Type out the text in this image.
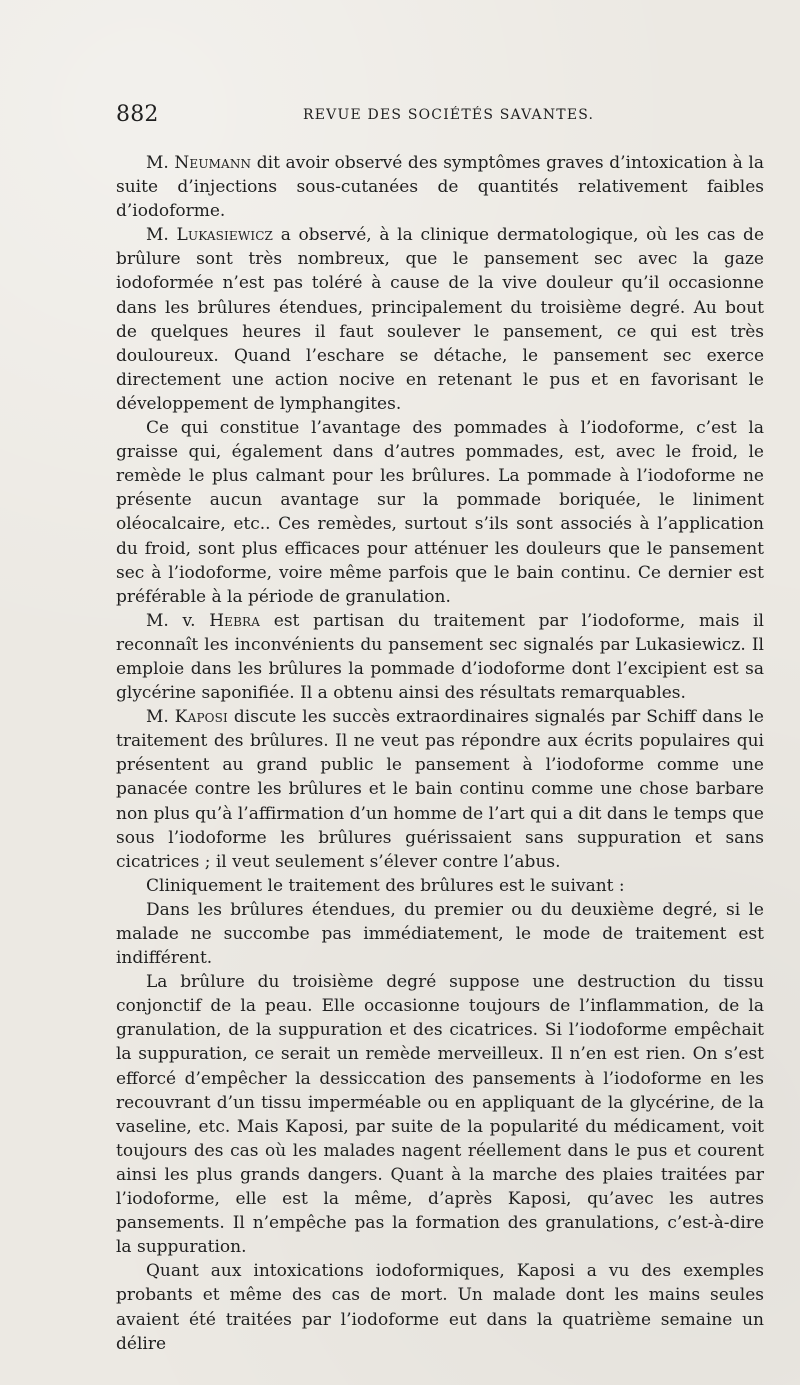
882	REVUE DES SOCIÉTÉS SAVANTES.

M. Neumann dit avoir observé des symptômes graves d’intoxication à la suite d’injections sous-cutanées de quantités relativement faibles d’iodoforme.

M. Lukasiewicz a observé, à la clinique dermatologique, où les cas de brûlure sont très nombreux, que le pansement sec avec la gaze iodoformée n’est pas toléré à cause de la vive douleur qu’il occasionne dans les brûlures étendues, principalement du troisième degré. Au bout de quelques heures il faut soulever le pansement, ce qui est très douloureux. Quand l’eschare se détache, le pansement sec exerce directement une action nocive en retenant le pus et en favorisant le développement de lymphangites.

Ce qui constitue l’avantage des pommades à l’iodoforme, c’est la graisse qui, également dans d’autres pommades, est, avec le froid, le remède le plus calmant pour les brûlures. La pommade à l’iodoforme ne présente aucun avantage sur la pommade boriquée, le liniment oléocalcaire, etc.. Ces remèdes, surtout s’ils sont associés à l’application du froid, sont plus efficaces pour atténuer les douleurs que le pansement sec à l’iodoforme, voire même parfois que le bain continu. Ce dernier est préférable à la période de granulation.

M. v. Hebra est partisan du traitement par l’iodoforme, mais il reconnaît les inconvénients du pansement sec signalés par Lukasiewicz. Il emploie dans les brûlures la pommade d’iodoforme dont l’excipient est sa glycérine saponifiée. Il a obtenu ainsi des résultats remarquables.

M. Kaposi discute les succès extraordinaires signalés par Schiff dans le traitement des brûlures. Il ne veut pas répondre aux écrits populaires qui présentent au grand public le pansement à l’iodoforme comme une panacée contre les brûlures et le bain continu comme une chose barbare non plus qu’à l’affirmation d’un homme de l’art qui a dit dans le temps que sous l’iodoforme les brûlures guérissaient sans suppuration et sans cicatrices ; il veut seulement s’élever contre l’abus.

Cliniquement le traitement des brûlures est le suivant :

Dans les brûlures étendues, du premier ou du deuxième degré, si le malade ne succombe pas immédiatement, le mode de traitement est indifférent.

La brûlure du troisième degré suppose une destruction du tissu conjonctif de la peau. Elle occasionne toujours de l’inflammation, de la granulation, de la suppuration et des cicatrices. Si l’iodoforme empêchait la suppuration, ce serait un remède merveilleux. Il n’en est rien. On s’est efforcé d’empêcher la dessiccation des pansements à l’iodoforme en les recouvrant d’un tissu imperméable ou en appliquant de la glycérine, de la vaseline, etc. Mais Kaposi, par suite de la popularité du médicament, voit toujours des cas où les malades nagent réellement dans le pus et courent ainsi les plus grands dangers. Quant à la marche des plaies traitées par l’iodoforme, elle est la même, d’après Kaposi, qu’avec les autres pansements. Il n’empêche pas la formation des granulations, c’est-à-dire la suppuration.

Quant aux intoxications iodoformiques, Kaposi a vu des exemples probants et même des cas de mort. Un malade dont les mains seules avaient été traitées par l’iodoforme eut dans la quatrième semaine un délire
